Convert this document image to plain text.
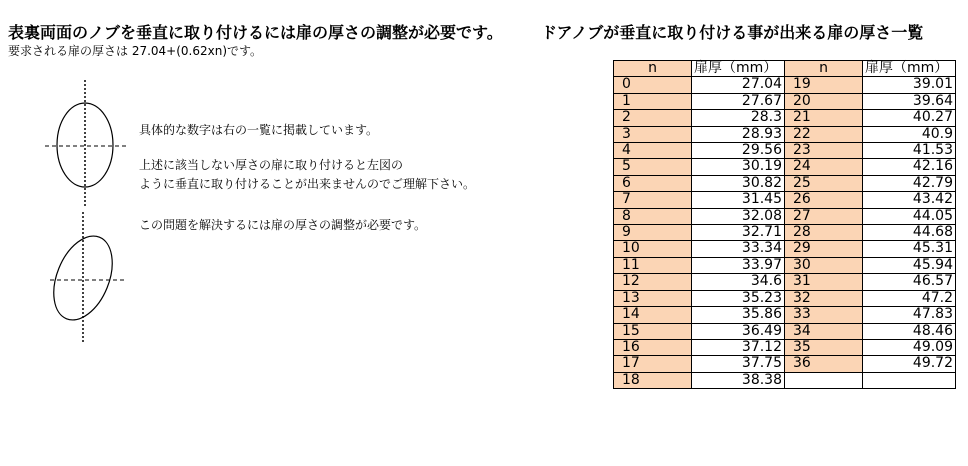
表裏両面のノブを垂直に取り付けるには扉の厚さの調整が必要です。
要求される扉の厚さは 27.04+(0.62xn)です。
ドアノブが垂直に取り付ける事が出来る扉の厚さ一覧
具体的な数字は右の一覧に掲載しています。
上述に該当しない厚さの扉に取り付けると左図の
ように垂直に取り付けることが出来ませんのでご理解下さい。
この問題を解決するには扉の厚さの調整が必要です。
n	扉厚（mm）	n	扉厚（mm）
0	27.04	19	39.01
1	27.67	20	39.64
2	28.3	21	40.27
3	28.93	22	40.9
4	29.56	23	41.53
5	30.19	24	42.16
6	30.82	25	42.79
7	31.45	26	43.42
8	32.08	27	44.05
9	32.71	28	44.68
10	33.34	29	45.31
11	33.97	30	45.94
12	34.6	31	46.57
13	35.23	32	47.2
14	35.86	33	47.83
15	36.49	34	48.46
16	37.12	35	49.09
17	37.75	36	49.72
18	38.38		
